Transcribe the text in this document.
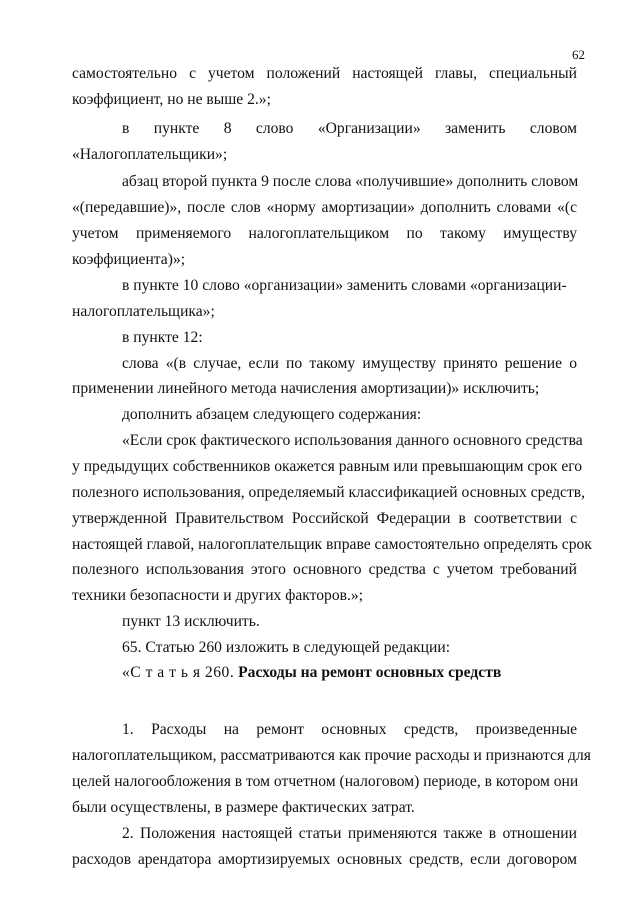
62
самостоятельно с учетом положений настоящей главы, специальный
коэффициент, но не выше 2.»;
в пункте 8 слово «Организации» заменить словом
«Налогоплательщики»;
абзац второй пункта 9 после слова «получившие» дополнить словом
«(передавшие)», после слов «норму амортизации» дополнить словами «(с
учетом применяемого налогоплательщиком по такому имуществу
коэффициента)»;
в пункте 10 слово «организации» заменить словами «организации-
налогоплательщика»;
в пункте 12:
слова «(в случае, если по такому имуществу принято решение о
применении линейного метода начисления амортизации)» исключить;
дополнить абзацем следующего содержания:
«Если срок фактического использования данного основного средства
у предыдущих собственников окажется равным или превышающим срок его
полезного использования, определяемый классификацией основных средств,
утвержденной Правительством Российской Федерации в соответствии с
настоящей главой, налогоплательщик вправе самостоятельно определять срок
полезного использования этого основного средства с учетом требований
техники безопасности и других факторов.»;
пункт 13 исключить.
65. Статью 260 изложить в следующей редакции:
«С т а т ь я 260. Расходы на ремонт основных средств
1. Расходы на ремонт основных средств, произведенные
налогоплательщиком, рассматриваются как прочие расходы и признаются для
целей налогообложения в том отчетном (налоговом) периоде, в котором они
были осуществлены, в размере фактических затрат.
2. Положения настоящей статьи применяются также в отношении
расходов арендатора амортизируемых основных средств, если договором
